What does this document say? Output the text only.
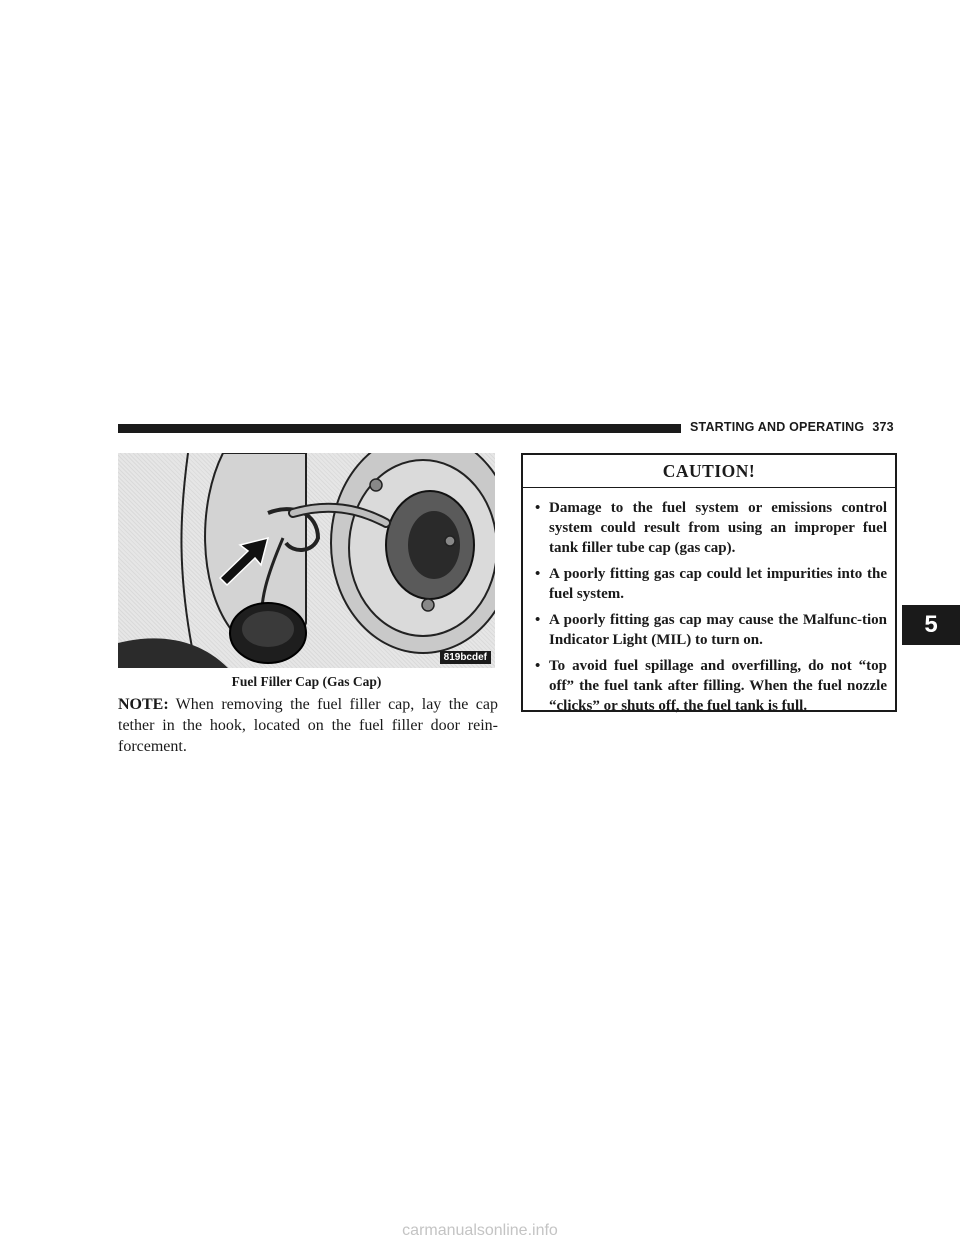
STARTING AND OPERATING 373
819bcdef
Fuel Filler Cap (Gas Cap)

NOTE: When removing the fuel filler cap, lay the cap tether in the hook, located on the fuel filler door rein-forcement.

CAUTION!
• Damage to the fuel system or emissions control system could result from using an improper fuel tank filler tube cap (gas cap).
• A poorly fitting gas cap could let impurities into the fuel system.
• A poorly fitting gas cap may cause the Malfunc-tion Indicator Light (MIL) to turn on.
• To avoid fuel spillage and overfilling, do not “top off” the fuel tank after filling. When the fuel nozzle “clicks” or shuts off, the fuel tank is full.
5
carmanualsonline.info
